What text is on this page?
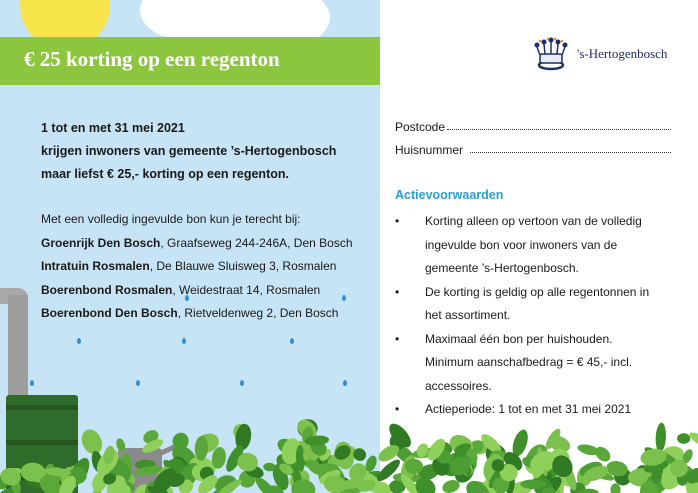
€ 25 korting op een regenton
1 tot en met 31 mei 2021
krijgen inwoners van gemeente ’s-Hertogenbosch
maar liefst € 25,- korting op een regenton.
Met een volledig ingevulde bon kun je terecht bij:
Groenrijk Den Bosch, Graafseweg 244-246A, Den Bosch
Intratuin Rosmalen, De Blauwe Sluisweg 3, Rosmalen
Boerenbond Rosmalen, Weidestraat 14, Rosmalen
Boerenbond Den Bosch, Rietveldenweg 2, Den Bosch
's-Hertogenbosch
Postcode
Huisnummer
Actievoorwaarden
• Korting alleen op vertoon van de volledig
ingevulde bon voor inwoners van de
gemeente ’s-Hertogenbosch.
• De korting is geldig op alle regentonnen in
het assortiment.
• Maximaal één bon per huishouden.
Minimum aanschafbedrag = € 45,- incl.
accessoires.
• Actieperiode: 1 tot en met 31 mei 2021
